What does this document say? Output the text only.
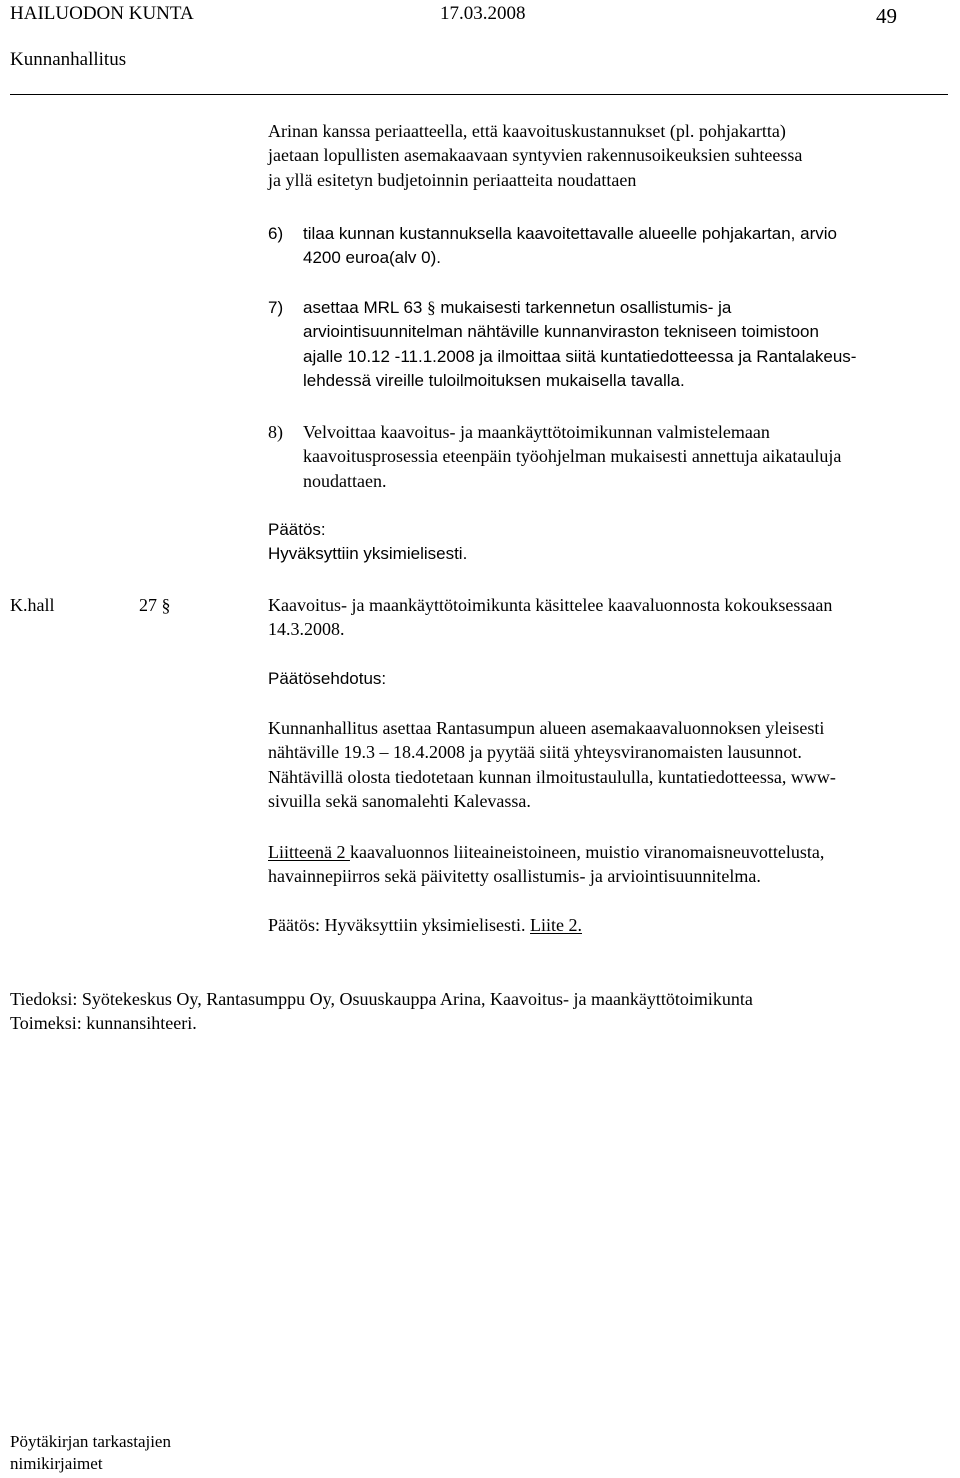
HAILUODON KUNTA	17.03.2008	49
Kunnanhallitus
Arinan kanssa periaatteella, että kaavoituskustannukset (pl. pohjakartta)
jaetaan lopullisten asemakaavaan syntyvien rakennusoikeuksien suhteessa
ja yllä esitetyn budjetoinnin periaatteita noudattaen
6) tilaa kunnan kustannuksella kaavoitettavalle alueelle pohjakartan, arvio
4200 euroa(alv 0).
7) asettaa MRL 63 § mukaisesti tarkennetun osallistumis- ja
arviointisuunnitelman nähtäville kunnanviraston tekniseen toimistoon
ajalle 10.12 -11.1.2008 ja ilmoittaa siitä kuntatiedotteessa ja Rantalakeus-
lehdessä vireille tuloilmoituksen mukaisella tavalla.
8) Velvoittaa kaavoitus- ja maankäyttötoimikunnan valmistelemaan
kaavoitusprosessia eteenpäin työohjelman mukaisesti annettuja aikatauluja
noudattaen.
Päätös:
Hyväksyttiin yksimielisesti.
K.hall	27 §	Kaavoitus- ja maankäyttötoimikunta käsittelee kaavaluonnosta kokouksessaan
14.3.2008.
Päätösehdotus:
Kunnanhallitus asettaa Rantasumpun alueen asemakaavaluonnoksen yleisesti
nähtäville 19.3 – 18.4.2008 ja pyytää siitä yhteysviranomaisten lausunnot.
Nähtävillä olosta tiedotetaan kunnan ilmoitustaululla, kuntatiedotteessa, www-
sivuilla sekä sanomalehti Kalevassa.
Liitteenä 2 kaavaluonnos liiteaineistoineen, muistio viranomaisneuvottelusta,
havainnepiirros sekä päivitetty osallistumis- ja arviointisuunnitelma.
Päätös: Hyväksyttiin yksimielisesti. Liite 2.
Tiedoksi: Syötekeskus Oy, Rantasumppu Oy, Osuuskauppa Arina, Kaavoitus- ja maankäyttötoimikunta
Toimeksi: kunnansihteeri.
Pöytäkirjan tarkastajien
nimikirjaimet
